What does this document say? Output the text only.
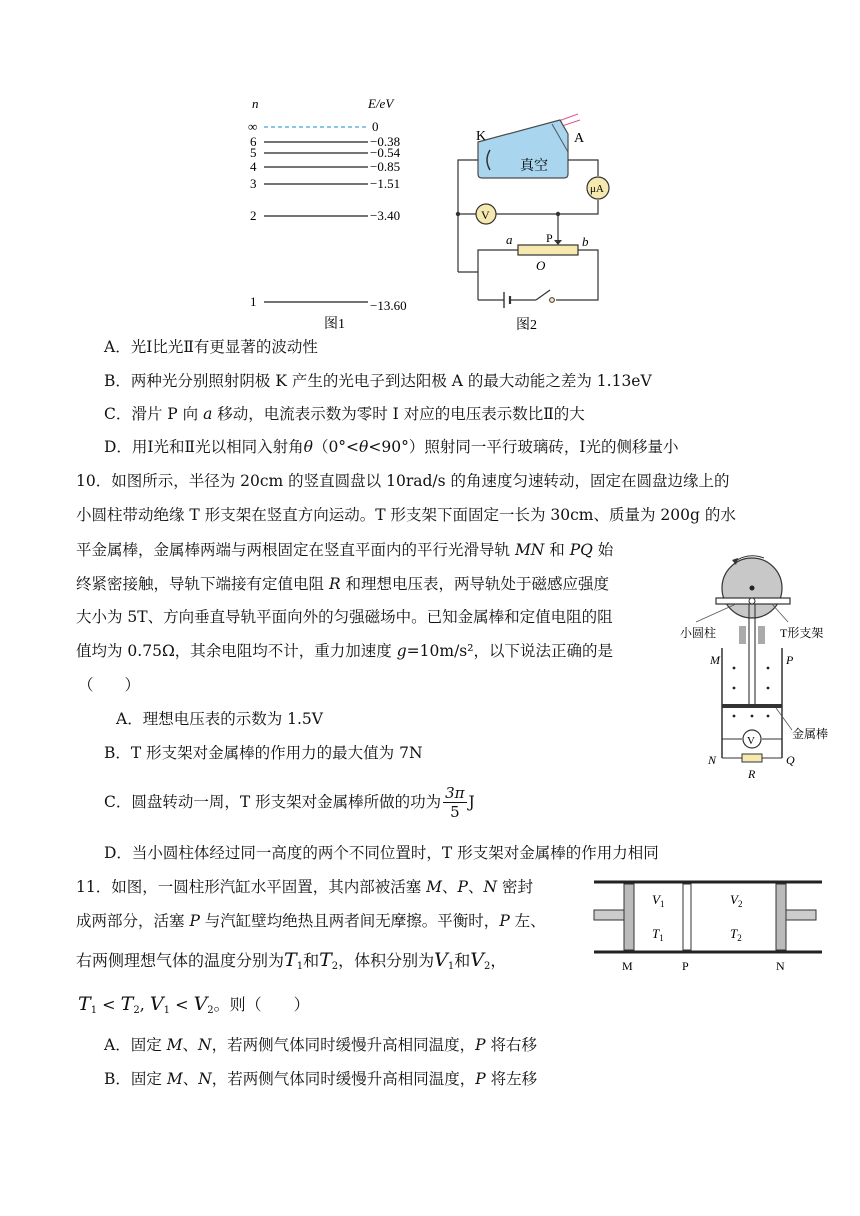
n	E/eV
∞	0
6	−0.38
5	−0.54
4	−0.85
3	−1.51
2	−3.40
1	−13.60
图1
K	A
真空
μA
V
P
a	b
O
图2
A．光Ⅰ比光Ⅱ有更显著的波动性
B．两种光分别照射阴极 K 产生的光电子到达阳极 A 的最大动能之差为 1.13eV
C．滑片 P 向 a 移动，电流表示数为零时 I 对应的电压表示数比Ⅱ的大
D．用Ⅰ光和Ⅱ光以相同入射角θ（0°<θ<90°）照射同一平行玻璃砖，Ⅰ光的侧移量小
10．如图所示，半径为 20cm 的竖直圆盘以 10rad/s 的角速度匀速转动，固定在圆盘边缘上的
小圆柱带动绝缘 T 形支架在竖直方向运动。T 形支架下面固定一长为 30cm、质量为 200g 的水
平金属棒，金属棒两端与两根固定在竖直平面内的平行光滑导轨 MN 和 PQ 始
终紧密接触，导轨下端接有定值电阻 R 和理想电压表，两导轨处于磁感应强度
大小为 5T、方向垂直导轨平面向外的匀强磁场中。已知金属棒和定值电阻的阻
值均为 0.75Ω，其余电阻均不计，重力加速度 g=10m/s²，以下说法正确的是
（　　）
A．理想电压表的示数为 1.5V
B．T 形支架对金属棒的作用力的最大值为 7N
C．圆盘转动一周，T 形支架对金属棒所做的功为 $\frac{3\pi}{5}$ J
D．当小圆柱体经过同一高度的两个不同位置时，T 形支架对金属棒的作用力相同
小圆柱	T形支架
M	P
金属棒
V
N	Q
R
11．如图，一圆柱形汽缸水平固置，其内部被活塞 M、P、N 密封
成两部分，活塞 P 与汽缸壁均绝热且两者间无摩擦。平衡时，P 左、
右两侧理想气体的温度分别为$T_1$和$T_2$，体积分别为$V_1$和$V_2$，
$T_1 < T_2$, $V_1 < V_2$。则（　　）
A．固定 M、N，若两侧气体同时缓慢升高相同温度，P 将右移
B．固定 M、N，若两侧气体同时缓慢升高相同温度，P 将左移
$V_1$
$T_1$
$V_2$
$T_2$
M	P	N
